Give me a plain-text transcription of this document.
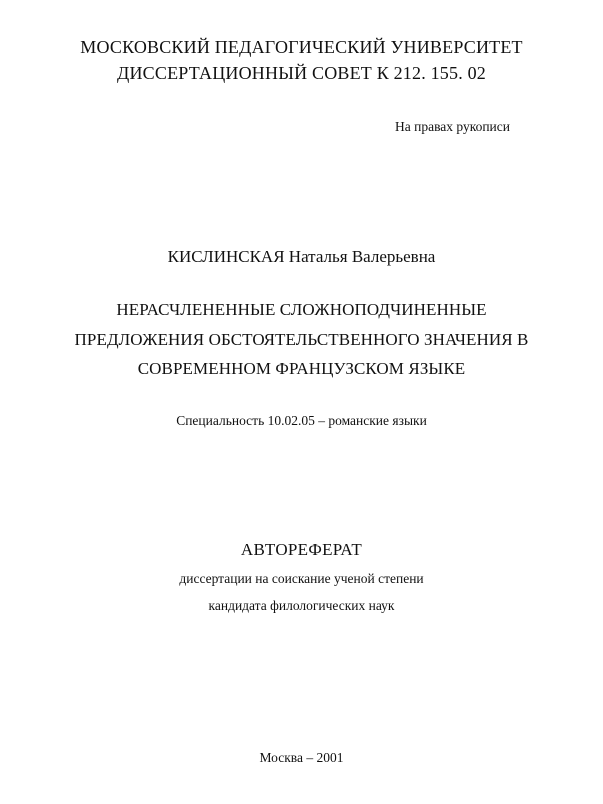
МОСКОВСКИЙ ПЕДАГОГИЧЕСКИЙ УНИВЕРСИТЕТ
ДИССЕРТАЦИОННЫЙ СОВЕТ К 212. 155. 02
На правах рукописи
КИСЛИНСКАЯ Наталья Валерьевна
НЕРАСЧЛЕНЕННЫЕ СЛОЖНОПОДЧИНЕННЫЕ
ПРЕДЛОЖЕНИЯ ОБСТОЯТЕЛЬСТВЕННОГО ЗНАЧЕНИЯ В
СОВРЕМЕННОМ ФРАНЦУЗСКОМ ЯЗЫКЕ
Специальность 10.02.05 – романские языки
АВТОРЕФЕРАТ
диссертации на соискание ученой степени
кандидата филологических наук
Москва – 2001
